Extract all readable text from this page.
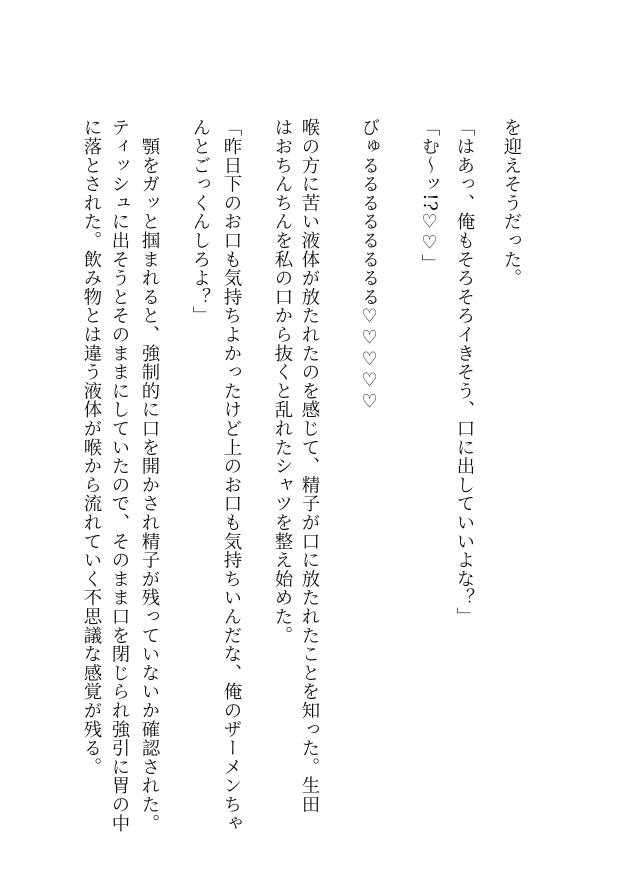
を迎えそうだった。
「はあっ、俺もそろそろイきそう、口に出していいよな？」
「む〜ッ!?♡♡」
びゅるるるるるるるる♡♡♡♡♡
喉の方に苦い液体が放たれたのを感じて、精子が口に放たれたことを知った。生田
はおちんちんを私の口から抜くと乱れたシャツを整え始めた。
「昨日下のお口も気持ちよかったけど上のお口も気持ちいんだな、俺のザーメンちゃ
んとごっくんしろよ？」
　顎をガッと掴まれると、強制的に口を開かされ精子が残っていないか確認された。
ティッシュに出そうとそのままにしていたので、そのまま口を閉じられ強引に胃の中
に落とされた。飲み物とは違う液体が喉から流れていく不思議な感覚が残る。
